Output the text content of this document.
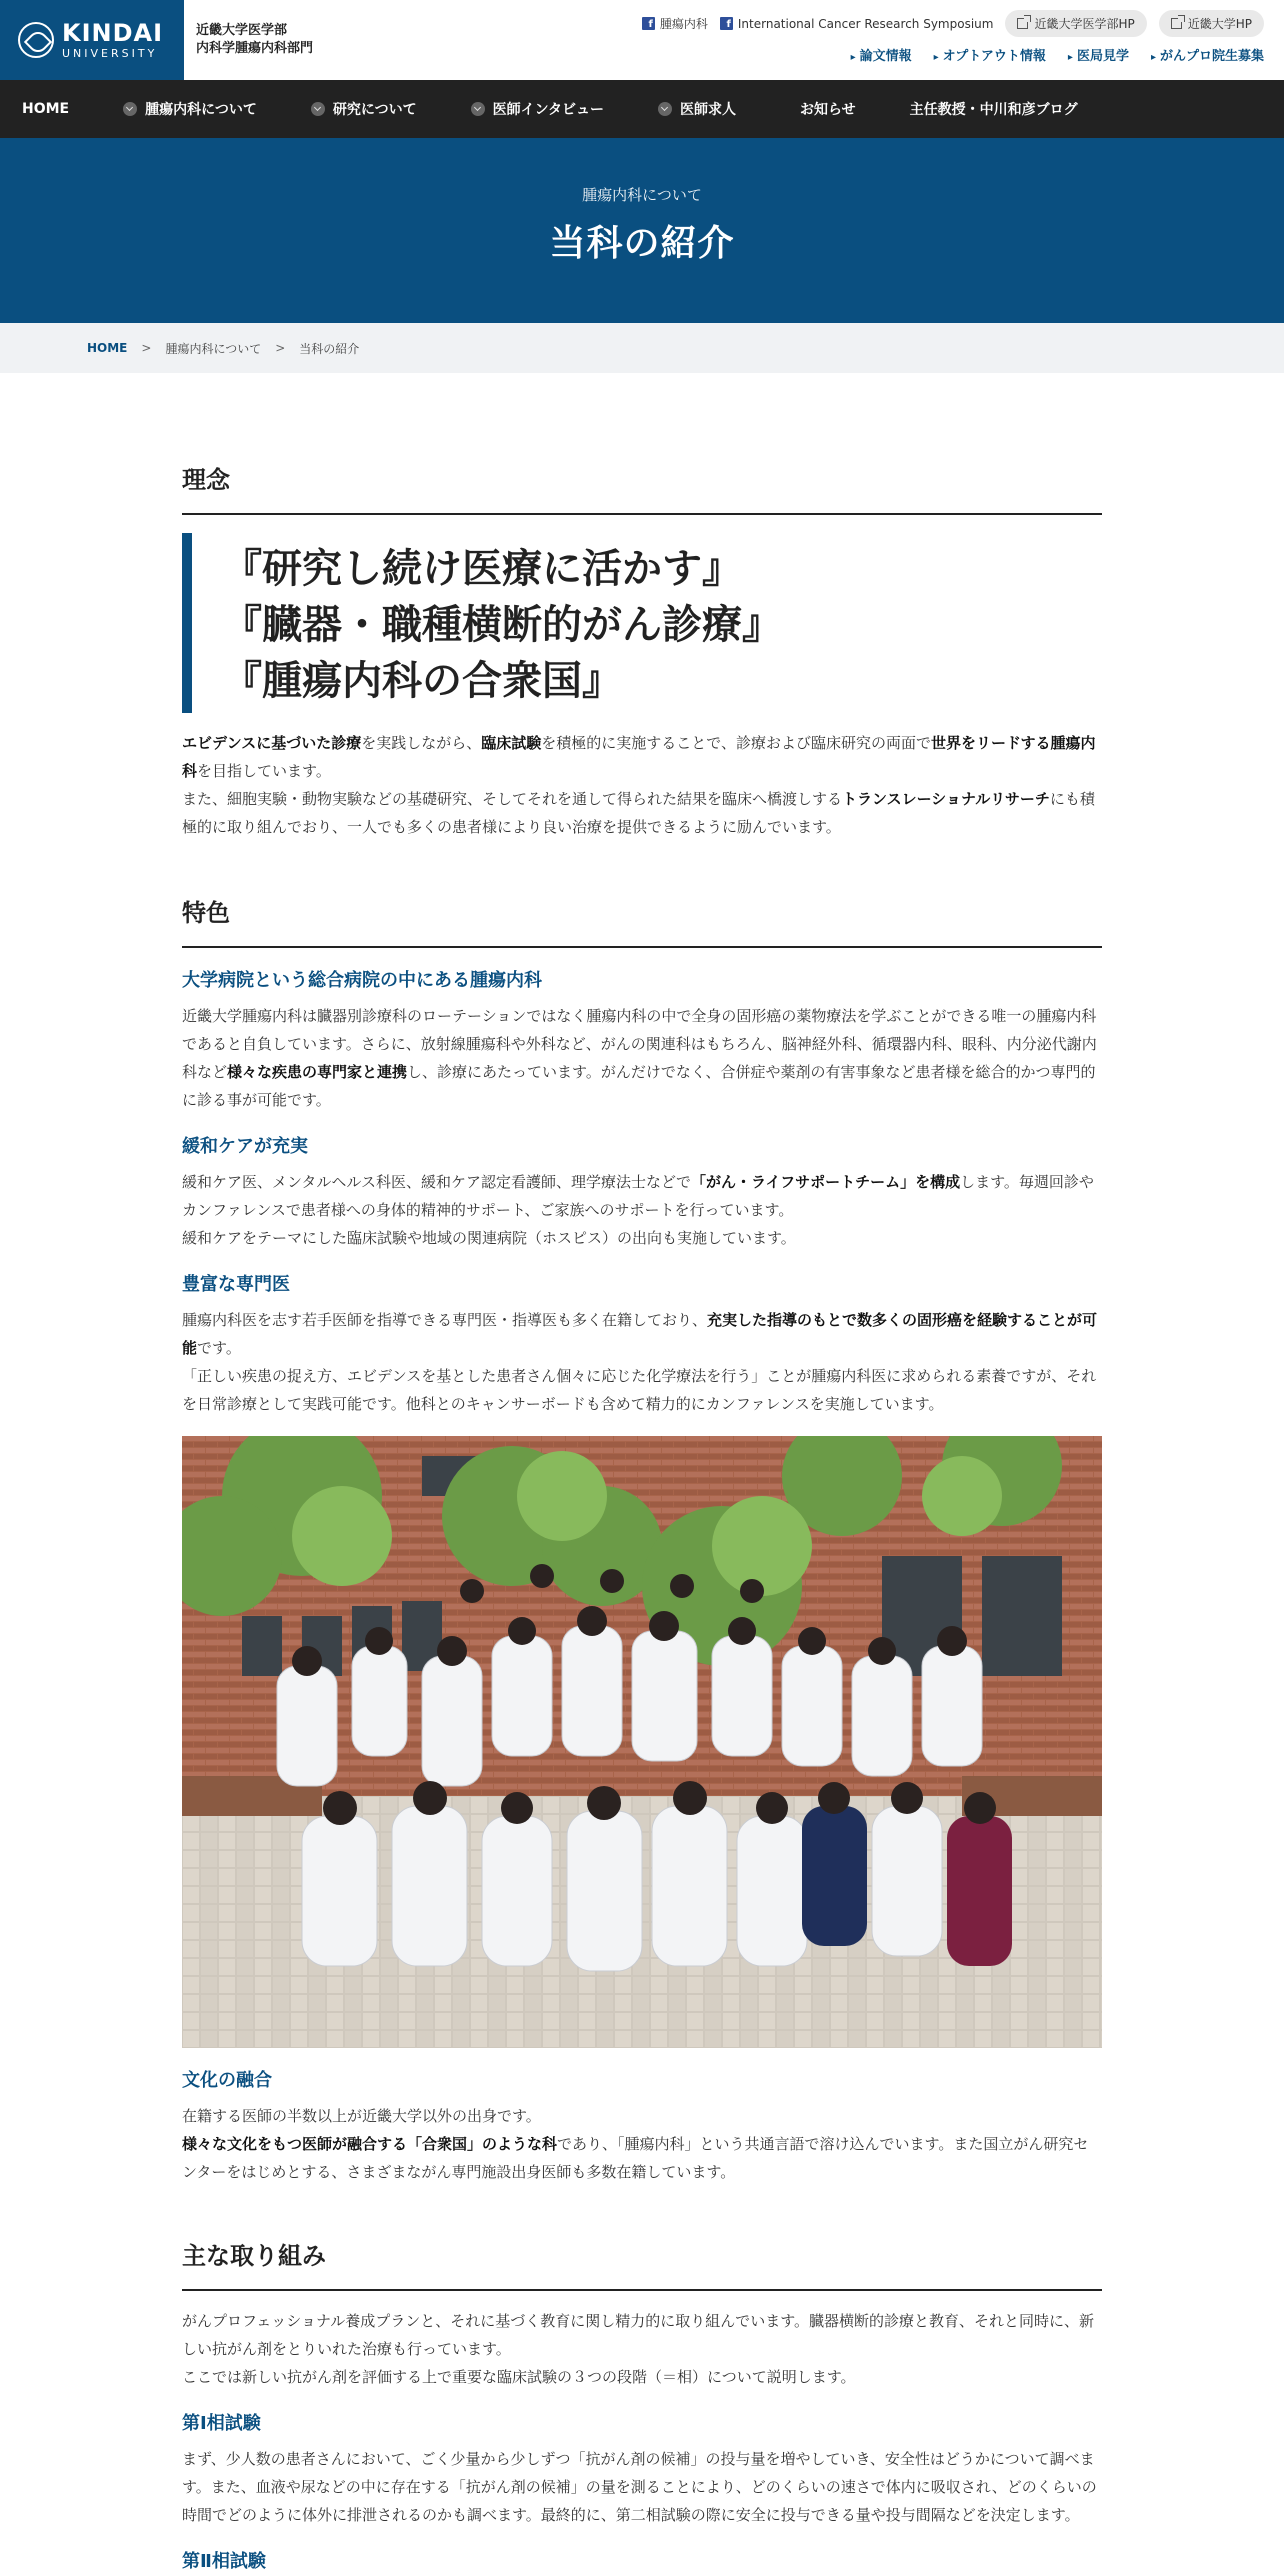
KINDAI
UNIVERSITY
近畿大学医学部
内科学腫瘍内科部門
f 腫瘍内科	f International Cancer Research Symposium	近畿大学医学部HP	近畿大学HP
▸ 論文情報	▸ オプトアウト情報	▸ 医局見学	▸ がんプロ院生募集
HOME	腫瘍内科について	研究について	医師インタビュー	医師求人	お知らせ	主任教授・中川和彦ブログ
腫瘍内科について
当科の紹介
HOME > 腫瘍内科について > 当科の紹介
理念
『研究し続け医療に活かす』
『臓器・職種横断的がん診療』
『腫瘍内科の合衆国』

エビデンスに基づいた診療を実践しながら、臨床試験を積極的に実施することで、診療および臨床研究の両面で世界をリードする腫瘍内科を目指しています。
また、細胞実験・動物実験などの基礎研究、そしてそれを通して得られた結果を臨床へ橋渡しするトランスレーショナルリサーチにも積極的に取り組んでおり、一人でも多くの患者様により良い治療を提供できるように励んでいます。

特色
大学病院という総合病院の中にある腫瘍内科

近畿大学腫瘍内科は臓器別診療科のローテーションではなく腫瘍内科の中で全身の固形癌の薬物療法を学ぶことができる唯一の腫瘍内科であると自負しています。さらに、放射線腫瘍科や外科など、がんの関連科はもちろん、脳神経外科、循環器内科、眼科、内分泌代謝内科など様々な疾患の専門家と連携し、診療にあたっています。がんだけでなく、合併症や薬剤の有害事象など患者様を総合的かつ専門的に診る事が可能です。

緩和ケアが充実

緩和ケア医、メンタルヘルス科医、緩和ケア認定看護師、理学療法士などで「がん・ライフサポートチーム」を構成します。毎週回診やカンファレンスで患者様への身体的精神的サポート、ご家族へのサポートを行っています。
緩和ケアをテーマにした臨床試験や地域の関連病院（ホスピス）の出向も実施しています。

豊富な専門医

腫瘍内科医を志す若手医師を指導できる専門医・指導医も多く在籍しており、充実した指導のもとで数多くの固形癌を経験することが可能です。
「正しい疾患の捉え方、エビデンスを基とした患者さん個々に応じた化学療法を行う」ことが腫瘍内科医に求められる素養ですが、それを日常診療として実践可能です。他科とのキャンサーボードも含めて精力的にカンファレンスを実施しています。

文化の融合

在籍する医師の半数以上が近畿大学以外の出身です。
様々な文化をもつ医師が融合する「合衆国」のような科であり、「腫瘍内科」という共通言語で溶け込んでいます。また国立がん研究センターをはじめとする、さまざまながん専門施設出身医師も多数在籍しています。

主な取り組み

がんプロフェッショナル養成プランと、それに基づく教育に関し精力的に取り組んでいます。臓器横断的診療と教育、それと同時に、新しい抗がん剤をとりいれた治療も行っています。
ここでは新しい抗がん剤を評価する上で重要な臨床試験の３つの段階（＝相）について説明します。

第Ⅰ相試験

まず、少人数の患者さんにおいて、ごく少量から少しずつ「抗がん剤の候補」の投与量を増やしていき、安全性はどうかについて調べます。また、血液や尿などの中に存在する「抗がん剤の候補」の量を測ることにより、どのくらいの速さで体内に吸収され、どのくらいの時間でどのように体外に排泄されるのかも調べます。最終的に、第二相試験の際に安全に投与できる量や投与間隔などを決定します。

第Ⅱ相試験
